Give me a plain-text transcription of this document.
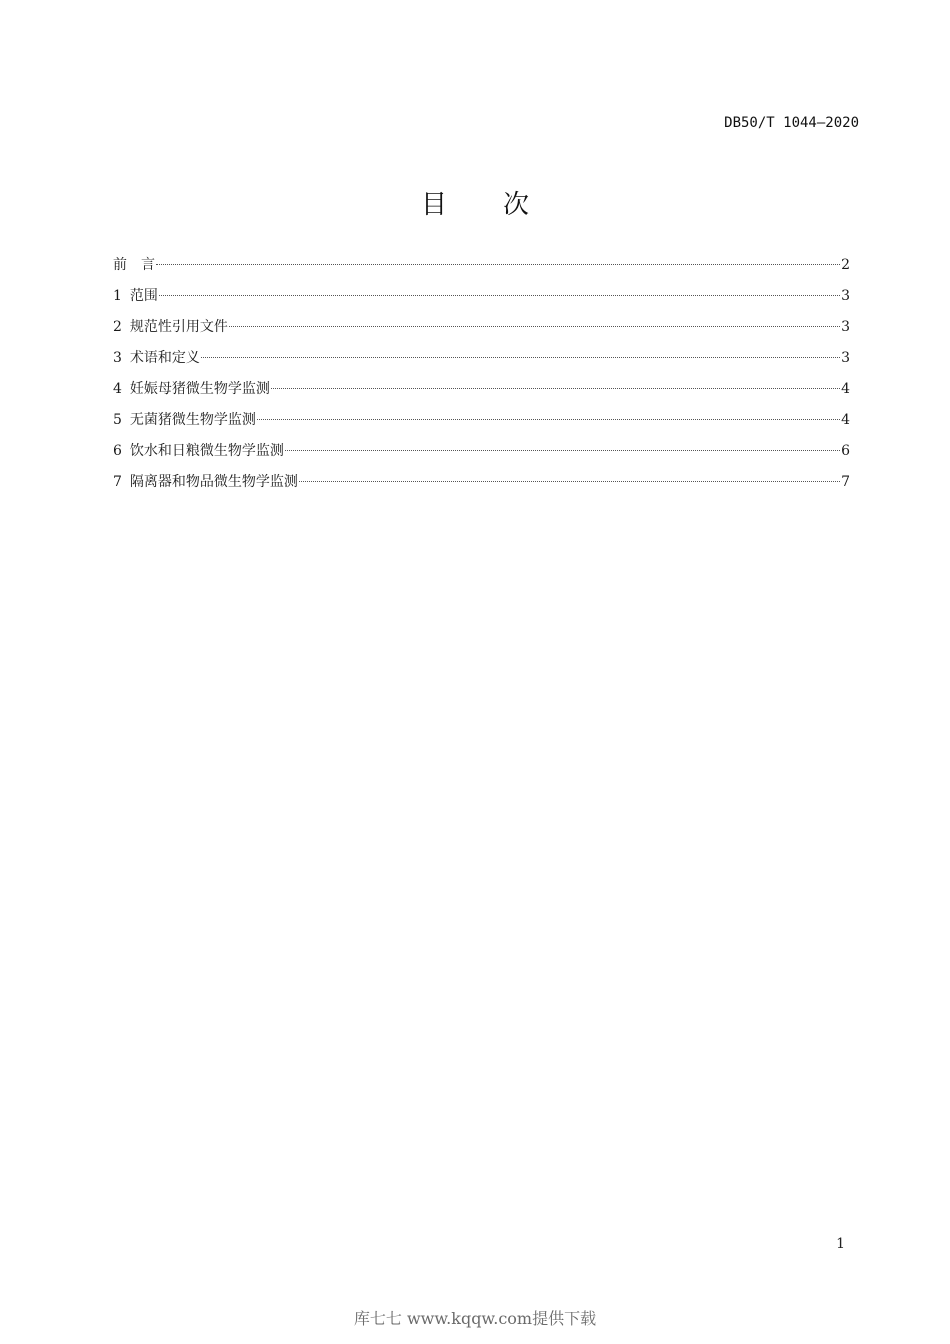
DB50/T 1044—2020
目 次
前　言	2
1 范围	3
2 规范性引用文件	3
3 术语和定义	3
4 妊娠母猪微生物学监测	4
5 无菌猪微生物学监测	4
6 饮水和日粮微生物学监测	6
7 隔离器和物品微生物学监测	7
1
库七七 www.kqqw.com提供下载
